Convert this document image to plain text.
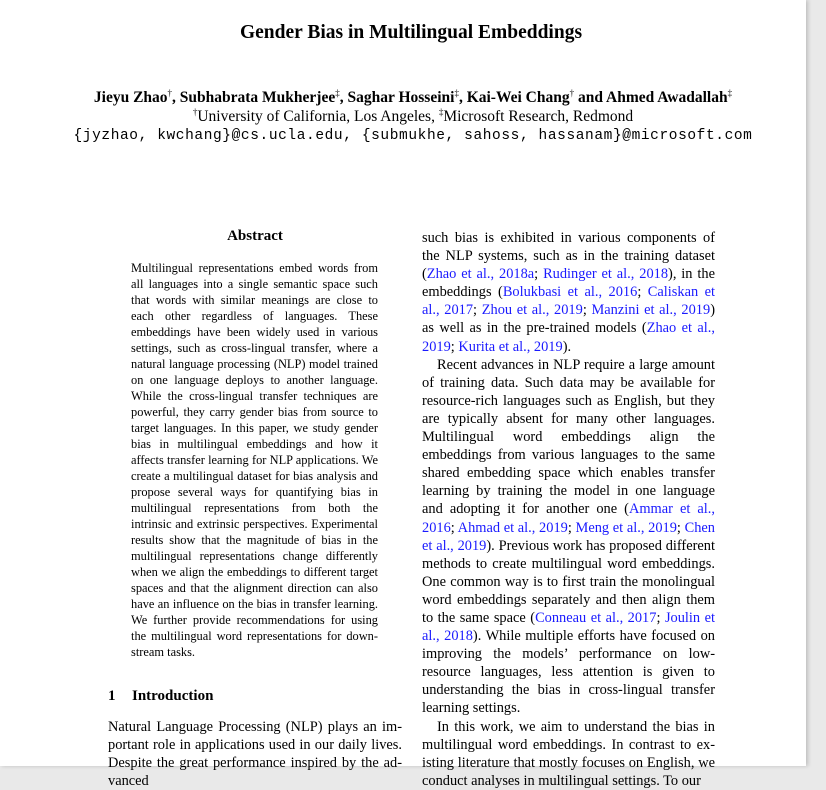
Gender Bias in Multilingual Embeddings
Jieyu Zhao†, Subhabrata Mukherjee‡, Saghar Hosseini‡, Kai-Wei Chang† and Ahmed Awadallah‡
†University of California, Los Angeles, ‡Microsoft Research, Redmond
{jyzhao, kwchang}@cs.ucla.edu, {submukhe, sahoss, hassanam}@microsoft.com
Abstract
Multilingual representations embed words from all languages into a single semantic space such that words with similar meanings are close to each other regardless of languages. These embeddings have been widely used in various settings, such as cross-lingual transfer, where a natural language processing (NLP) model trained on one language deploys to another language. While the cross-lingual transfer techniques are powerful, they carry gender bias from source to target languages. In this paper, we study gender bias in multilingual embeddings and how it affects transfer learning for NLP applications. We create a multilingual dataset for bias analysis and propose several ways for quantifying bias in multilingual representations from both the intrinsic and extrinsic perspectives. Experimental results show that the magnitude of bias in the multilingual representations change differently when we align the embeddings to different target spaces and that the alignment direction can also have an influence on the bias in transfer learning. We further provide recommendations for using the multilingual word representations for downstream tasks.
1 Introduction

Natural Language Processing (NLP) plays an important role in applications used in our daily lives. Despite the great performance inspired by the advanced

such bias is exhibited in various components of the NLP systems, such as in the training dataset (Zhao et al., 2018a; Rudinger et al., 2018), in the embeddings (Bolukbasi et al., 2016; Caliskan et al., 2017; Zhou et al., 2019; Manzini et al., 2019) as well as in the pre-trained models (Zhao et al., 2019; Kurita et al., 2019).

Recent advances in NLP require a large amount of training data. Such data may be available for resource-rich languages such as English, but they are typically absent for many other languages. Multilingual word embeddings align the embeddings from various languages to the same shared embedding space which enables transfer learning by training the model in one language and adopting it for another one (Ammar et al., 2016; Ahmad et al., 2019; Meng et al., 2019; Chen et al., 2019). Previous work has proposed different methods to create multilingual word embeddings. One common way is to first train the monolingual word embeddings separately and then align them to the same space (Conneau et al., 2017; Joulin et al., 2018). While multiple efforts have focused on improving the models’ performance on low-resource languages, less attention is given to understanding the bias in cross-lingual transfer learning settings.

In this work, we aim to understand the bias in multilingual word embeddings. In contrast to existing literature that mostly focuses on English, we conduct analyses in multilingual settings. To our
